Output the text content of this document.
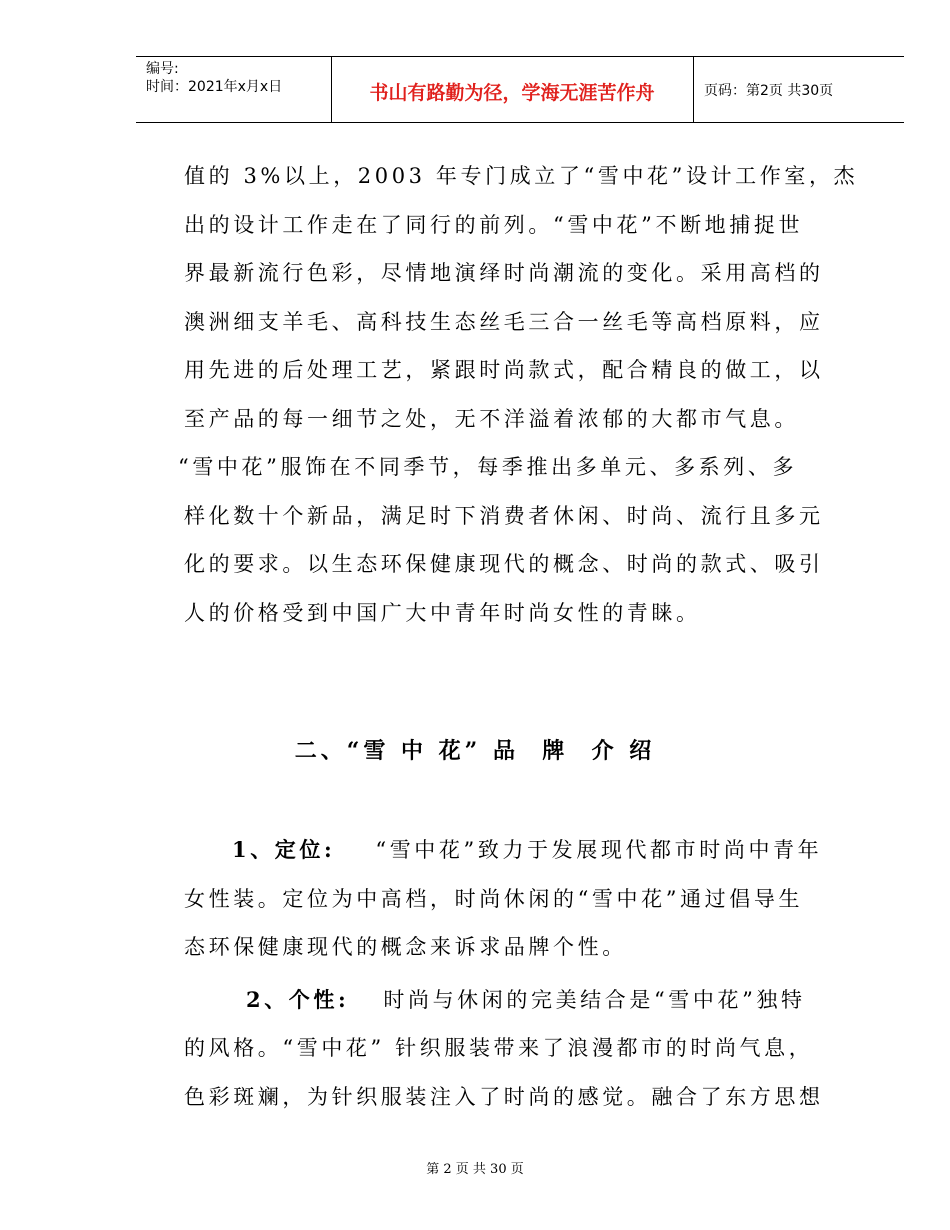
编号:
时间：2021年x月x日	书山有路勤为径，学海无涯苦作舟	页码：第2页 共30页
值的 3%以上，2003 年专门成立了“雪中花”设计工作室，杰
出的设计工作走在了同行的前列。“雪中花”不断地捕捉世
界最新流行色彩，尽情地演绎时尚潮流的变化。采用高档的
澳洲细支羊毛、高科技生态丝毛三合一丝毛等高档原料，应
用先进的后处理工艺，紧跟时尚款式，配合精良的做工，以
至产品的每一细节之处，无不洋溢着浓郁的大都市气息。
“雪中花”服饰在不同季节，每季推出多单元、多系列、多
样化数十个新品，满足时下消费者休闲、时尚、流行且多元
化的要求。以生态环保健康现代的概念、时尚的款式、吸引
人的价格受到中国广大中青年时尚女性的青睐。
二、“雪 中 花” 品  牌  介 绍
1、定位: “雪中花”致力于发展现代都市时尚中青年
女性装。定位为中高档，时尚休闲的“雪中花”通过倡导生
态环保健康现代的概念来诉求品牌个性。
2、个性: 时尚与休闲的完美结合是“雪中花”独特
的风格。“雪中花” 针织服装带来了浪漫都市的时尚气息，
色彩斑斓，为针织服装注入了时尚的感觉。融合了东方思想
第 2 页 共 30 页
